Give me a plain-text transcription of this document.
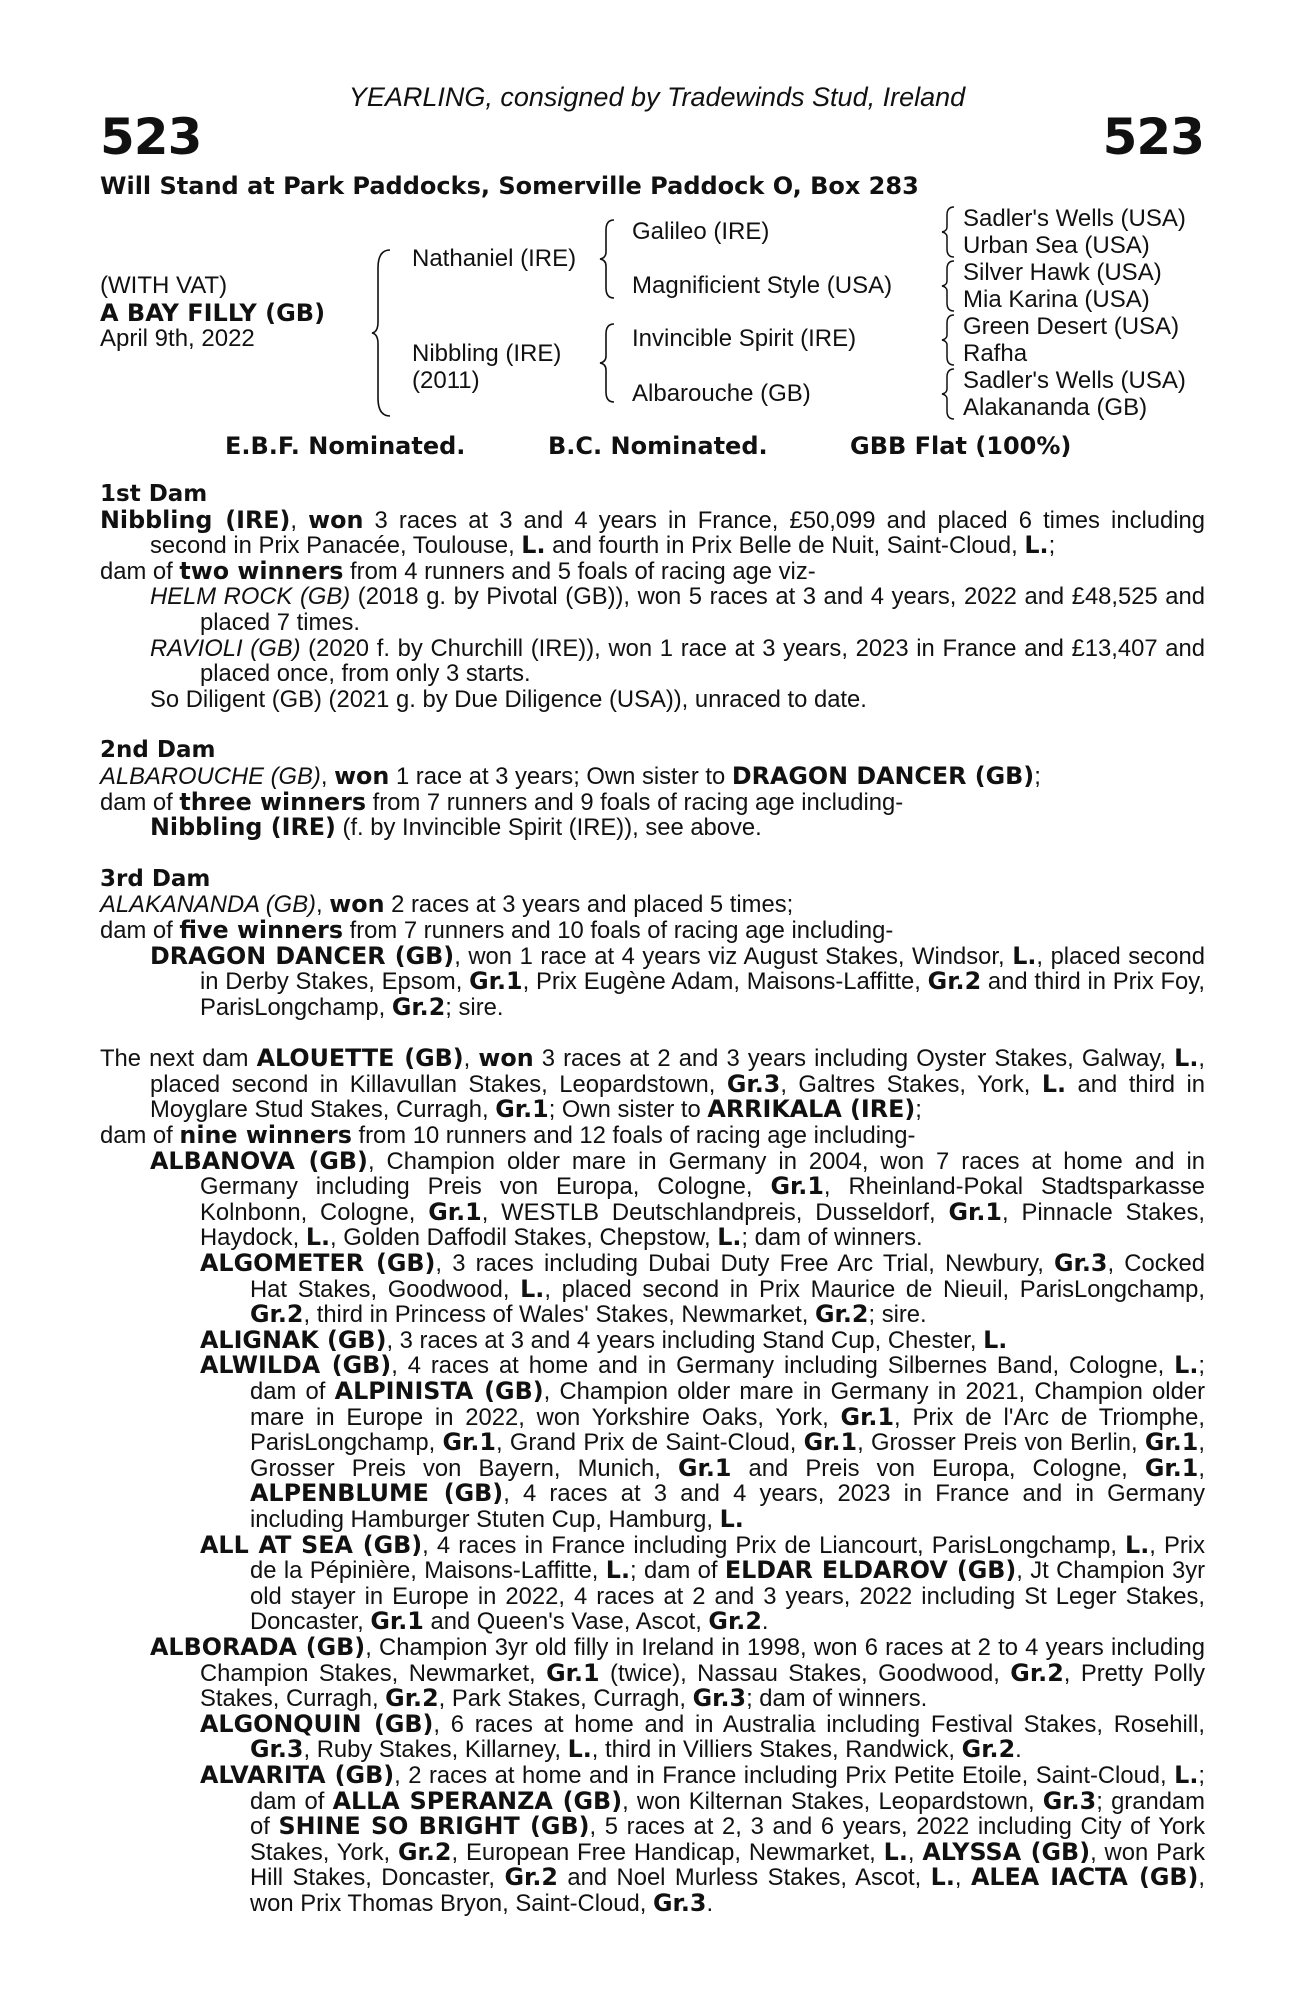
YEARLING, consigned by Tradewinds Stud, Ireland
523	523
Will Stand at Park Paddocks, Somerville Paddock O, Box 283
(WITH VAT)
A BAY FILLY (GB)
April 9th, 2022
Nathaniel (IRE)
Nibbling (IRE)
(2011)
Galileo (IRE)
Magnificient Style (USA)
Invincible Spirit (IRE)
Albarouche (GB)
Sadler's Wells (USA)
Urban Sea (USA)
Silver Hawk (USA)
Mia Karina (USA)
Green Desert (USA)
Rafha
Sadler's Wells (USA)
Alakananda (GB)
E.B.F. Nominated.	B.C. Nominated.	GBB Flat (100%)
1st Dam

Nibbling (IRE), won 3 races at 3 and 4 years in France, £50,099 and placed 6 times including second in Prix Panacée, Toulouse, L. and fourth in Prix Belle de Nuit, Saint-Cloud, L.;

dam of two winners from 4 runners and 5 foals of racing age viz-

HELM ROCK (GB) (2018 g. by Pivotal (GB)), won 5 races at 3 and 4 years, 2022 and £48,525 and placed 7 times.

RAVIOLI (GB) (2020 f. by Churchill (IRE)), won 1 race at 3 years, 2023 in France and £13,407 and placed once, from only 3 starts.

So Diligent (GB) (2021 g. by Due Diligence (USA)), unraced to date.

2nd Dam

ALBAROUCHE (GB), won 1 race at 3 years; Own sister to DRAGON DANCER (GB);

dam of three winners from 7 runners and 9 foals of racing age including-

Nibbling (IRE) (f. by Invincible Spirit (IRE)), see above.

3rd Dam

ALAKANANDA (GB), won 2 races at 3 years and placed 5 times;

dam of five winners from 7 runners and 10 foals of racing age including-

DRAGON DANCER (GB), won 1 race at 4 years viz August Stakes, Windsor, L., placed second in Derby Stakes, Epsom, Gr.1, Prix Eugène Adam, Maisons-Laffitte, Gr.2 and third in Prix Foy, ParisLongchamp, Gr.2; sire.

The next dam ALOUETTE (GB), won 3 races at 2 and 3 years including Oyster Stakes, Galway, L., placed second in Killavullan Stakes, Leopardstown, Gr.3, Galtres Stakes, York, L. and third in Moyglare Stud Stakes, Curragh, Gr.1; Own sister to ARRIKALA (IRE);

dam of nine winners from 10 runners and 12 foals of racing age including-

ALBANOVA (GB), Champion older mare in Germany in 2004, won 7 races at home and in Germany including Preis von Europa, Cologne, Gr.1, Rheinland-Pokal Stadtsparkasse Kolnbonn, Cologne, Gr.1, WESTLB Deutschlandpreis, Dusseldorf, Gr.1, Pinnacle Stakes, Haydock, L., Golden Daffodil Stakes, Chepstow, L.; dam of winners.

ALGOMETER (GB), 3 races including Dubai Duty Free Arc Trial, Newbury, Gr.3, Cocked Hat Stakes, Goodwood, L., placed second in Prix Maurice de Nieuil, ParisLongchamp, Gr.2, third in Princess of Wales' Stakes, Newmarket, Gr.2; sire.

ALIGNAK (GB), 3 races at 3 and 4 years including Stand Cup, Chester, L.

ALWILDA (GB), 4 races at home and in Germany including Silbernes Band, Cologne, L.; dam of ALPINISTA (GB), Champion older mare in Germany in 2021, Champion older mare in Europe in 2022, won Yorkshire Oaks, York, Gr.1, Prix de l'Arc de Triomphe, ParisLongchamp, Gr.1, Grand Prix de Saint-Cloud, Gr.1, Grosser Preis von Berlin, Gr.1, Grosser Preis von Bayern, Munich, Gr.1 and Preis von Europa, Cologne, Gr.1, ALPENBLUME (GB), 4 races at 3 and 4 years, 2023 in France and in Germany including Hamburger Stuten Cup, Hamburg, L.

ALL AT SEA (GB), 4 races in France including Prix de Liancourt, ParisLongchamp, L., Prix de la Pépinière, Maisons-Laffitte, L.; dam of ELDAR ELDAROV (GB), Jt Champion 3yr old stayer in Europe in 2022, 4 races at 2 and 3 years, 2022 including St Leger Stakes, Doncaster, Gr.1 and Queen's Vase, Ascot, Gr.2.

ALBORADA (GB), Champion 3yr old filly in Ireland in 1998, won 6 races at 2 to 4 years including Champion Stakes, Newmarket, Gr.1 (twice), Nassau Stakes, Goodwood, Gr.2, Pretty Polly Stakes, Curragh, Gr.2, Park Stakes, Curragh, Gr.3; dam of winners.

ALGONQUIN (GB), 6 races at home and in Australia including Festival Stakes, Rosehill, Gr.3, Ruby Stakes, Killarney, L., third in Villiers Stakes, Randwick, Gr.2.

ALVARITA (GB), 2 races at home and in France including Prix Petite Etoile, Saint-Cloud, L.; dam of ALLA SPERANZA (GB), won Kilternan Stakes, Leopardstown, Gr.3; grandam of SHINE SO BRIGHT (GB), 5 races at 2, 3 and 6 years, 2022 including City of York Stakes, York, Gr.2, European Free Handicap, Newmarket, L., ALYSSA (GB), won Park Hill Stakes, Doncaster, Gr.2 and Noel Murless Stakes, Ascot, L., ALEA IACTA (GB), won Prix Thomas Bryon, Saint-Cloud, Gr.3.
